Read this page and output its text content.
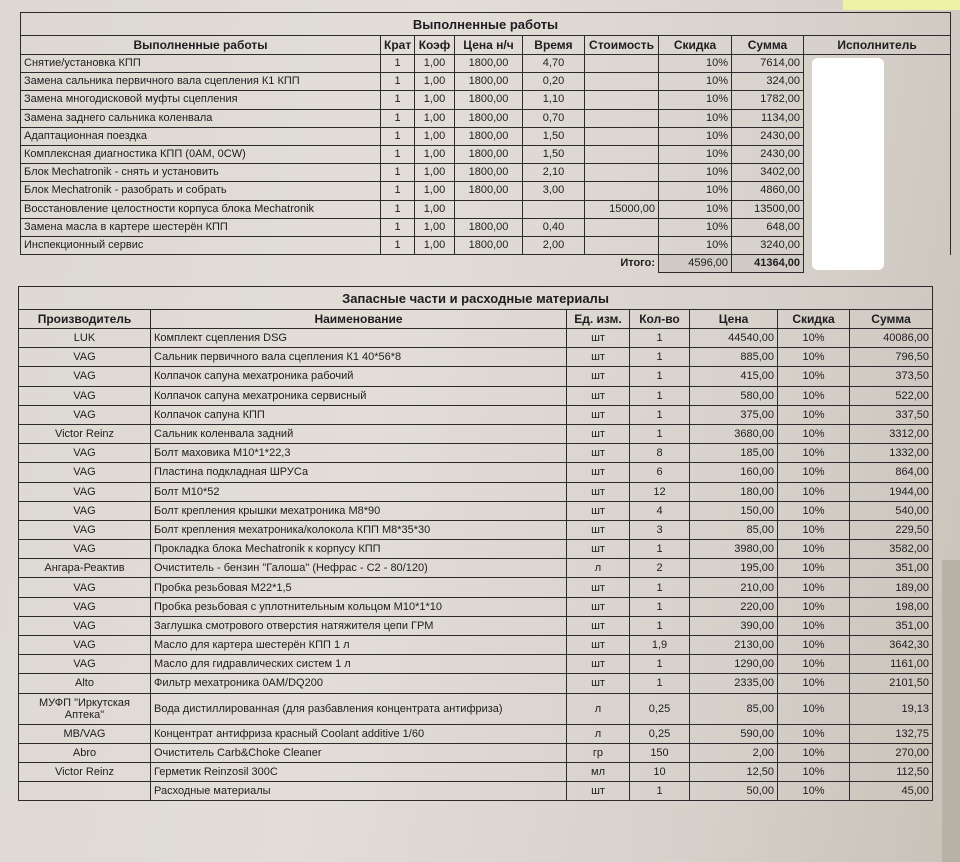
Выполненные работы								
Выполненные работы	Крат	Коэф	Цена н/ч	Время	Стоимость	Скидка	Сумма	Исполнитель
Снятие/установка КПП	1	1,00	1800,00	4,70		10%	7614,00	
Замена сальника первичного вала сцепления К1 КПП	1	1,00	1800,00	0,20		10%	324,00	
Замена многодисковой муфты сцепления	1	1,00	1800,00	1,10		10%	1782,00	
Замена заднего сальника коленвала	1	1,00	1800,00	0,70		10%	1134,00	
Адаптационная поездка	1	1,00	1800,00	1,50		10%	2430,00	
Комплексная диагностика КПП (0AM, 0CW)	1	1,00	1800,00	1,50		10%	2430,00	
Блок Mechatronik - снять и установить	1	1,00	1800,00	2,10		10%	3402,00	
Блок Mechatronik - разобрать и собрать	1	1,00	1800,00	3,00		10%	4860,00	
Восстановление целостности корпуса блока Mechatronik	1	1,00			15000,00	10%	13500,00	
Замена масла в картере шестерён КПП	1	1,00	1800,00	0,40		10%	648,00	
Инспекционный сервис	1	1,00	1800,00	2,00		10%	3240,00	
					Итого:	4596,00	41364,00	
Запасные части и расходные материалы						
Производитель	Наименование	Ед. изм.	Кол-во	Цена	Скидка	Сумма
LUK	Комплект сцепления DSG	шт	1	44540,00	10%	40086,00
VAG	Сальник первичного вала сцепления К1 40*56*8	шт	1	885,00	10%	796,50
VAG	Колпачок сапуна мехатроника рабочий	шт	1	415,00	10%	373,50
VAG	Колпачок сапуна мехатроника сервисный	шт	1	580,00	10%	522,00
VAG	Колпачок сапуна КПП	шт	1	375,00	10%	337,50
Victor Reinz	Сальник коленвала задний	шт	1	3680,00	10%	3312,00
VAG	Болт маховика M10*1*22,3	шт	8	185,00	10%	1332,00
VAG	Пластина подкладная ШРУСа	шт	6	160,00	10%	864,00
VAG	Болт M10*52	шт	12	180,00	10%	1944,00
VAG	Болт крепления крышки мехатроника M8*90	шт	4	150,00	10%	540,00
VAG	Болт крепления мехатроника/колокола КПП M8*35*30	шт	3	85,00	10%	229,50
VAG	Прокладка блока Mechatronik к корпусу КПП	шт	1	3980,00	10%	3582,00
Ангара-Реактив	Очиститель - бензин "Галоша" (Нефрас - С2 - 80/120)	л	2	195,00	10%	351,00
VAG	Пробка резьбовая M22*1,5	шт	1	210,00	10%	189,00
VAG	Пробка резьбовая с уплотнительным кольцом M10*1*10	шт	1	220,00	10%	198,00
VAG	Заглушка смотрового отверстия натяжителя цепи ГРМ	шт	1	390,00	10%	351,00
VAG	Масло для картера шестерён КПП 1 л	шт	1,9	2130,00	10%	3642,30
VAG	Масло для гидравлических систем 1 л	шт	1	1290,00	10%	1161,00
Alto	Фильтр мехатроника 0AM/DQ200	шт	1	2335,00	10%	2101,50
МУФП "Иркутская Аптека"	Вода дистиллированная (для разбавления концентрата антифриза)	л	0,25	85,00	10%	19,13
MB/VAG	Концентрат антифриза красный Coolant additive 1/60	л	0,25	590,00	10%	132,75
Abro	Очиститель Carb&Choke Cleaner	гр	150	2,00	10%	270,00
Victor Reinz	Герметик Reinzosil 300C	мл	10	12,50	10%	112,50
	Расходные материалы	шт	1	50,00	10%	45,00
